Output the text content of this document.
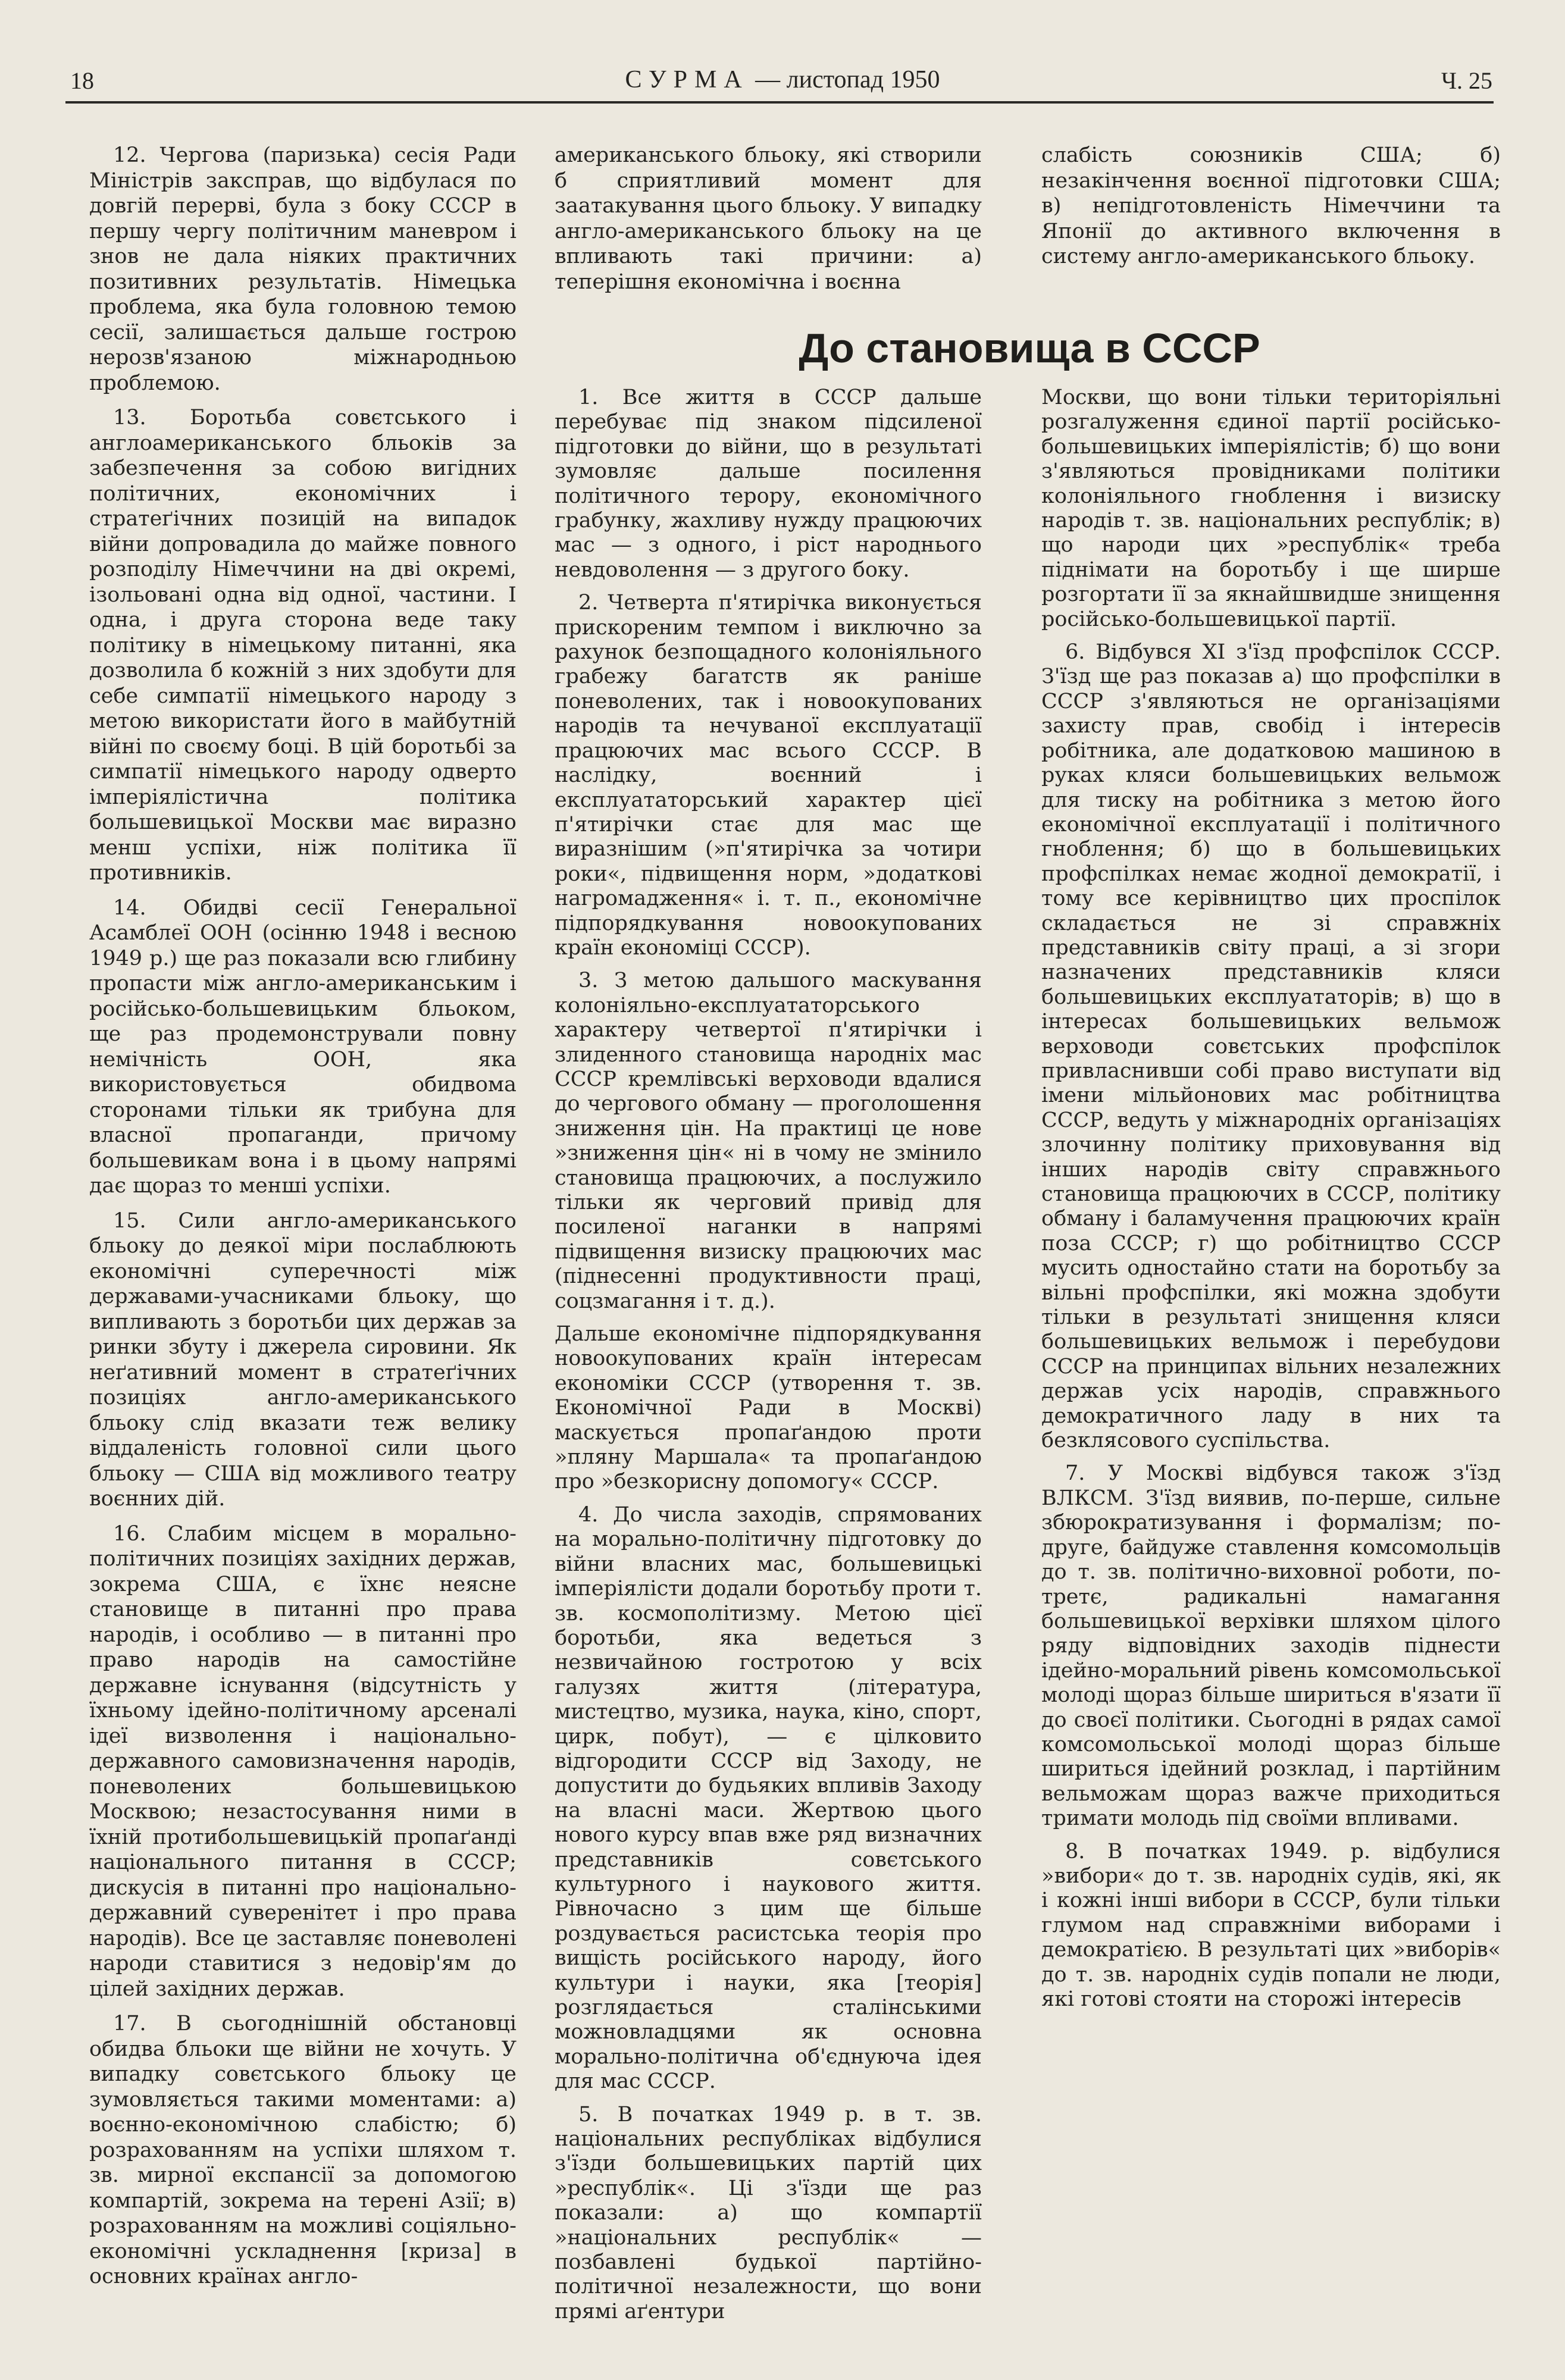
18	СУРМА — листопад 1950	Ч. 25

12. Чергова (паризька) сесія Ради Міністрів заксправ, що відбулася по довгій перерві, була з боку СССР в першу чергу політичним маневром і знов не дала ніяких практичних позитивних результатів. Німецька проблема, яка була головною темою сесії, залишається дальше гострою нерозв'язаною міжнародньою проблемою.

13. Боротьба совєтського і англоамериканського бльоків за забезпечення за собою вигідних політичних, економічних і стратеґічних позицій на випадок війни допровадила до майже повного розподілу Німеччини на дві окремі, ізольовані одна від одної, частини. І одна, і друга сторона веде таку політику в німецькому питанні, яка дозволила б кожній з них здобути для себе симпатії німецького народу з метою використати його в майбутній війні по своєму боці. В цій боротьбі за симпатії німецького народу одверто імперіялістична політика большевицької Москви має виразно менш успіхи, ніж політика її противників.

14. Обидві сесії Генеральної Асамблеї ООН (осінню 1948 і весною 1949 р.) ще раз показали всю глибину пропасти між англо-американським і російсько-большевицьким бльоком, ще раз продемонстрували повну немічність ООН, яка використовується обидвома сторонами тільки як трибуна для власної пропаганди, причому большевикам вона і в цьому напрямі дає щораз то менші успіхи.

15. Сили англо-американського бльоку до деякої міри послаблюють економічні суперечності між державами-учасниками бльоку, що випливають з боротьби цих держав за ринки збуту і джерела сировини. Як неґативний момент в стратеґічних позиціях англо-американського бльоку слід вказати теж велику віддаленість головної сили цього бльоку — США від можливого театру воєнних дій.

16. Слабим місцем в морально-політичних позиціях західних держав, зокрема США, є їхнє неясне становище в питанні про права народів, і особливо — в питанні про право народів на самостійне державне існування (відсутність у їхньому ідейно-політичному арсеналі ідеї визволення і національно-державного самовизначення народів, поневолених большевицькою Москвою; незастосування ними в їхній протибольшевицькій пропаґанді національного питання в СССР; дискусія в питанні про національно-державний суверенітет і про права народів). Все це заставляє поневолені народи ставитися з недовір'ям до цілей західних держав.

17. В сьогоднішній обстановці обидва бльоки ще війни не хочуть. У випадку совєтського бльоку це зумовляється такими моментами: а) воєнно-економічною слабістю; б) розрахованням на успіхи шляхом т. зв. мирної експансії за допомогою компартій, зокрема на терені Азії; в) розрахованням на можливі соціяльно-економічні ускладнення [криза] в основних країнах англо-

американського бльоку, які створили б сприятливий момент для заатакування цього бльоку. У випадку англо-американського бльоку на це впливають такі причини: а) теперішня економічна і воєнна

слабість союзників США; б) незакінчення воєнної підготовки США; в) непідготовленість Німеччини та Японії до активного включення в систему англо-американського бльоку.

До становища в СССР

1. Все життя в СССР дальше перебуває під знаком підсиленої підготовки до війни, що в результаті зумовляє дальше посилення політичного терору, економічного грабунку, жахливу нужду працюючих мас — з одного, і ріст народнього невдоволення — з другого боку.

2. Четверта п'ятирічка виконується прискореним темпом і виключно за рахунок безпощадного колоніяльного грабежу багатств як раніше поневолених, так і новоокупованих народів та нечуваної експлуатації працюючих мас всього СССР. В наслідку, воєнний і експлуататорський характер цієї п'ятирічки стає для мас ще виразнішим (»п'ятирічка за чотири роки«, підвищення норм, »додаткові нагромадження« і. т. п., економічне підпорядкування новоокупованих країн економіці СССР).

3. З метою дальшого маскування колоніяльно-експлуататорського характеру четвертої п'ятирічки і злиденного становища народніх мас СССР кремлівські верховоди вдалися до чергового обману — проголошення зниження цін. На практиці це нове »зниження цін« ні в чому не змінило становища працюючих, а послужило тільки як черговий привід для посиленої наганки в напрямі підвищення визиску працюючих мас (піднесенні продуктивности праці, соцзмагання і т. д.).

Дальше економічне підпорядкування новоокупованих країн інтересам економіки СССР (утворення т. зв. Економічної Ради в Москві) маскується пропаґандою проти »пляну Маршала« та пропаґандою про »безкорисну допомогу« СССР.

4. До числа заходів, спрямованих на морально-політичну підготовку до війни власних мас, большевицькі імперіялісти додали боротьбу проти т. зв. космополітизму. Метою цієї боротьби, яка ведеться з незвичайною гостротою у всіх галузях життя (література, мистецтво, музика, наука, кіно, спорт, цирк, побут), — є цілковито відгородити СССР від Заходу, не допустити до будьяких впливів Заходу на власні маси. Жертвою цього нового курсу впав вже ряд визначних представників совєтського культурного і наукового життя. Рівночасно з цим ще більше роздувається расистська теорія про вищість російського народу, його культури і науки, яка [теорія] розглядається сталінськими можновладцями як основна морально-політична об'єднуюча ідея для мас СССР.

5. В початках 1949 р. в т. зв. національних республіках відбулися з'їзди большевицьких партій цих »республік«. Ці з'їзди ще раз показали: а) що компартії »національних республік« — позбавлені будької партійно-політичної незалежности, що вони прямі аґентури

Москви, що вони тільки територіяльні розгалуження єдиної партії російсько-большевицьких імперіялістів; б) що вони з'являються провідниками політики колоніяльного гноблення і визиску народів т. зв. національних республік; в) що народи цих »республік« треба піднімати на боротьбу і ще ширше розгортати її за якнайшвидше знищення російсько-большевицької партії.

6. Відбувся XI з'їзд профспілок СССР. З'їзд ще раз показав а) що профспілки в СССР з'являються не організаціями захисту прав, свобід і інтересів робітника, але додатковою машиною в руках кляси большевицьких вельмож для тиску на робітника з метою його економічної експлуатації і політичного гноблення; б) що в большевицьких профспілках немає жодної демократії, і тому все керівництво цих проспілок складається не зі справжніх представників світу праці, а зі згори назначених представників кляси большевицьких експлуататорів; в) що в інтересах большевицьких вельмож верховоди совєтських профспілок привласнивши собі право виступати від імени мільйонових мас робітництва СССР, ведуть у міжнародніх організаціях злочинну політику приховування від інших народів світу справжнього становища працюючих в СССР, політику обману і баламучення працюючих країн поза СССР; г) що робітництво СССР мусить одностайно стати на боротьбу за вільні профспілки, які можна здобути тільки в результаті знищення кляси большевицьких вельмож і перебудови СССР на принципах вільних незалежних держав усіх народів, справжнього демократичного ладу в них та безклясового суспільства.

7. У Москві відбувся також з'їзд ВЛКСМ. З'їзд виявив, по-перше, сильне збюрократизування і формалізм; по-друге, байдуже ставлення комсомольців до т. зв. політично-виховної роботи, по-третє, радикальні намагання большевицької верхівки шляхом цілого ряду відповідних заходів піднести ідейно-моральний рівень комсомольської молоді щораз більше шириться в'язати її до своєї політики. Сьогодні в рядах самої комсомольської молоді щораз більше шириться ідейний розклад, і партійним вельможам щораз важче приходиться тримати молодь під своїми впливами.

8. В початках 1949. р. відбулися »вибори« до т. зв. народніх судів, які, як і кожні інші вибори в СССР, були тільки глумом над справжніми виборами і демократією. В результаті цих »виборів« до т. зв. народніх судів попали не люди, які готові стояти на сторожі інтересів
